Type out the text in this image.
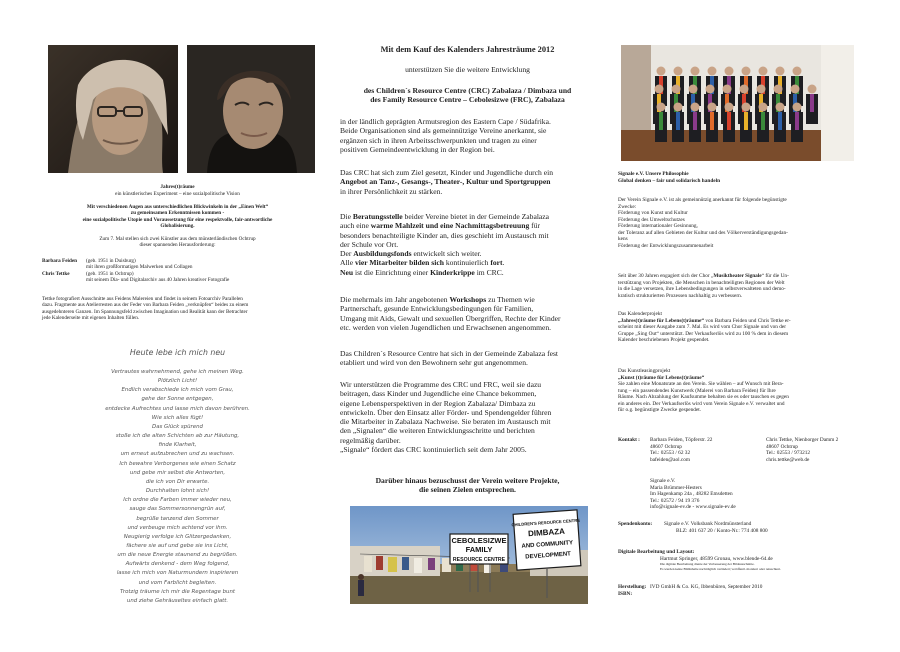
Jahres(t)räume
ein künstlerisches Experiment – eine sozialpolitische Vision
Mit verschiedenen Augen aus unterschiedlichen Blickwinkeln in der „Einen Welt“
zu gemeinsamen Erkenntnissen kommen -
eine sozialpolitische Utopie und Voraussetzung für eine respektvolle, fair-antwortliche
Globalisierung.
Zum 7. Mal stellen sich zwei Künstler aus dem münsterländischen Ochtrup
dieser spannenden Herausforderung:
Barbara Feiden (geb. 1951 in Duisburg)
mit ihren großformatigen Malwerken und Collagen
Chris Tettke	(geb. 1951 in Ochtrup)
mit seinem Dia- und Digitalarchiv aus 40 Jahren kreativer Fotografie
Tettke fotografiert Ausschnitte aus Feidens Malereien und findet in seinem Fotoarchiv Parallelen
dazu. Fragmente aus Atelierresten aus der Feder von Barbara Feiden „verknüpfen“ beides zu einem
ausgedehnteren Ganzen. Im Spannungsfeld zwischen Imagination und Realität kann der Betrachter
jede Kalenderseite mit eigenen Inhalten füllen.
Heute lebe ich mich neu
Vertrautes wahrnehmend, gehe ich meinen Weg.
Plötzlich Licht!
Endlich verabschiede ich mich vom Grau,
gehe der Sonne entgegen,
entdecke Aufrechtes und lasse mich davon berühren.
Wie sich alles fügt!
Das Glück spürend
stoße ich die alten Schichten ab zur Häutung,
finde Klarheit,
um erneut aufzubrechen und zu wachsen.
Ich bewahre Verborgenes wie einen Schatz
und gebe mir selbst die Antworten,
die ich von Dir erwarte.
Durchhalten lohnt sich!
Ich ordne die Farben immer wieder neu,
sauge das Sommersonnengrün auf,
begrüße tanzend den Sommer
und verbeuge mich achtend vor ihm.
Neugierig verfolge ich Glitzergedanken,
fächere sie auf und gebe sie ins Licht,
um die neue Energie staunend zu begrüßen.
Aufwärts denkend - dem Weg folgend,
lasse ich mich von Naturmundern inspirieren
und vom Farblicht begleiten.
Trotzig träume ich mir die Regentage bunt
und ziehe Gehräuseltes einfach glatt.
Mit dem Kauf des Kalenders Jahresträume 2012
unterstützen Sie die weitere Entwicklung
des Children´s Resource Centre (CRC) Zabalaza / Dimbaza und
des Family Resource Centre – Cebolesizwe (FRC), Zabalaza
in der ländlich geprägten Armutsregion des Eastern Cape / Südafrika.
Beide Organisationen sind als gemeinnützige Vereine anerkannt, sie
ergänzen sich in ihren Arbeitsschwerpunkten und tragen zu einer
positiven Gemeindeentwicklung in der Region bei.
Das CRC hat sich zum Ziel gesetzt, Kinder und Jugendliche durch ein
Angebot an Tanz-, Gesangs-, Theater-, Kultur und Sportgruppen
in ihrer Persönlichkeit zu stärken.
Die Beratungsstelle beider Vereine bietet in der Gemeinde Zabalaza
auch eine warme Mahlzeit und eine Nachmittagsbetreuung für
besonders benachteiligte Kinder an, dies geschieht im Austausch mit
der Schule vor Ort.
Der Ausbildungsfonds entwickelt sich weiter.
Alle vier Mitarbeiter bilden sich kontinuierlich fort.
Neu ist die Einrichtung einer Kinderkrippe im CRC.
Die mehrmals im Jahr angebotenen Workshops zu Themen wie
Partnerschaft, gesunde Entwicklungsbedingungen für Familien,
Umgang mit Aids, Gewalt und sexuellen Übergriffen, Rechte der Kinder
etc. werden von vielen Jugendlichen und Erwachsenen angenommen.
Das Children´s Resource Centre hat sich in der Gemeinde Zabalaza fest
etabliert und wird von den Bewohnern sehr gut angenommen.
Wir unterstützen die Programme des CRC und FRC, weil sie dazu
beitragen, dass Kinder und Jugendliche eine Chance bekommen,
eigene Lebensperspektiven in der Region Zabalaza/ Dimbaza zu
entwickeln. Über den Einsatz aller Förder- und Spendengelder führen
die Mitarbeiter in Zabalaza Nachweise. Sie beraten im Austausch mit
den „Signalen“ die weiteren Entwicklungsschritte und berichten
regelmäßig darüber.
„Signale“ fördert das CRC kontinuierlich seit dem Jahr 2005.
Darüber hinaus bezuschusst der Verein weitere Projekte,
die seinen Zielen entsprechen.
CEBOLESIZWE FAMILY RESOURCE CENTRE
CHILDREN'S RESOURCE CENTREDIMBAZAAND COMMUNITYDEVELOPMENT
Signale e.V. Unsere Philosophie
Global denken – fair und solidarisch handeln
Der Verein Signale e.V. ist als gemeinnützig anerkannt für folgende begünstigte
Zwecke:
Förderung von Kunst und Kultur
Förderung des Umweltschutzes
Förderung internationaler Gesinnung,
der Toleranz auf allen Gebieten der Kultur und des Völkerverständigungsgedan-
kens
Förderung der Entwicklungszusammenarbeit
Seit über 30 Jahren engagiert sich der Chor „Musiktheater Signale“ für die Un-
terstützung von Projekten, die Menschen in benachteiligten Regionen der Welt
in die Lage versetzen, ihre Lebensbedingungen in selbstverwalteten und demo-
kratisch strukturierten Prozessen nachhaltig zu verbessern.
Das Kalenderprojekt
„Jahres(t)räume für Lebens(t)räume“ von Barbara Feiden und Chris Tettke er-
scheint mit dieser Ausgabe zum 7. Mal. Es wird vom Chor Signale und von der
Gruppe „Sing Out“ unterstützt. Der Verkaufserlös wird zu 100 % dem in diesem
Kalender beschriebenen Projekt gespendet.
Das Kunstleasingprojekt
„Kunst (t)räume für Lebens(t)räume“
Sie zahlen eine Monatsrate an den Verein. Sie wählen – auf Wunsch mit Bera-
tung – ein passendendes Kunstwerk (Malerei von Barbara Feiden) für Ihre
Räume. Nach Abzahlung der Kaufsumme behalten sie es oder tauschen es gegen
ein anderes ein. Der Verkaufserlös wird vom Verein Signale e.V. verwaltet und
für o.g. begünstigte Zwecke gespendet.
Kontakt :	Barbara Feiden, Töpferstr. 22
48607 Ochtrup
Tel.: 02553 / 62 32
bafeiden@aol.com
Chris Tettke, Nienborger Damm 2
48607 Ochtrup
Tel.: 02553 / 973212
chris.tettke@web.de
Signale e.V.
Maria Brümmer-Hesters
Im Hagenkamp 24a , 48282 Emsdetten
Tel.: 02572 / 94 19 376
info@signale-ev.de - www.signale-ev.de
Spendenkonto:	Signale e.V. Volksbank Nordmünsterland
BLZ: 401 637 20 / Konto-Nr.: 774 408 800
Digitale Bearbeitung und Layout:
Hartmut Springer, 48599 Gronau, www.blende-64.de
Die digitale Bearbeitung diente der Verbesserung der Bildausschnitte.
Es wurden keine Bildinhalte nachträglich verändert; veröffentl. montiert oder retuschiert.
Herstellung: IVD GmbH & Co. KG, Ibbenbüren, September 2010
ISBN:
